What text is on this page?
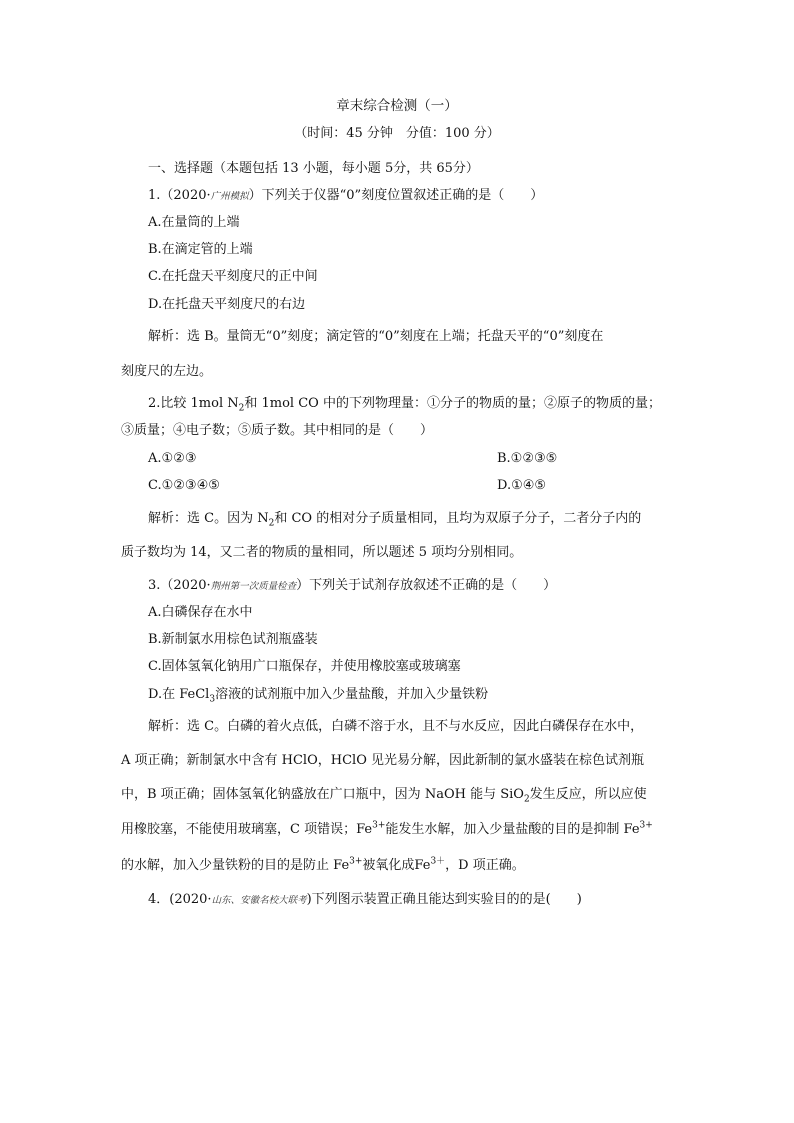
章末综合检测（一）
（时间：45 分钟　分值：100 分）
一、选择题（本题包括 13 小题，每小题 5分，共 65分）
1.（2020·广州模拟）下列关于仪器“0”刻度位置叙述正确的是（　　）
A.在量筒的上端
B.在滴定管的上端
C.在托盘天平刻度尺的正中间
D.在托盘天平刻度尺的右边
解析：选 B。量筒无“0”刻度；滴定管的“0”刻度在上端；托盘天平的“0”刻度在
刻度尺的左边。
2.比较 1mol $N_2$和 1mol CO 中的下列物理量：①分子的物质的量；②原子的物质的量；
③质量；④电子数；⑤质子数。其中相同的是（　　）
A.①②③	B.①②③⑤
C.①②③④⑤	D.①④⑤
解析：选 C。因为 $N_2$和 CO 的相对分子质量相同，且均为双原子分子，二者分子内的
质子数均为 14，又二者的物质的量相同，所以题述 5 项均分别相同。
3.（2020·荆州第一次质量检查）下列关于试剂存放叙述不正确的是（　　）
A.白磷保存在水中
B.新制氯水用棕色试剂瓶盛装
C.固体氢氧化钠用广口瓶保存，并使用橡胶塞或玻璃塞
D.在 FeCl$_3$溶液的试剂瓶中加入少量盐酸，并加入少量铁粉
解析：选 C。白磷的着火点低，白磷不溶于水，且不与水反应，因此白磷保存在水中，
A 项正确；新制氯水中含有 HClO，HClO 见光易分解，因此新制的氯水盛装在棕色试剂瓶
中，B 项正确；固体氢氧化钠盛放在广口瓶中，因为 NaOH 能与 SiO$_2$发生反应，所以应使
用橡胶塞，不能使用玻璃塞，C 项错误；$Fe^{3+}$能发生水解，加入少量盐酸的目的是抑制 $Fe^{3+}$
的水解，加入少量铁粉的目的是防止 $Fe^{3+}$被氧化成$Fe^{3+}$，D 项正确。
4．(2020·山东、安徽名校大联考)下列图示装置正确且能达到实验目的的是(　　)
